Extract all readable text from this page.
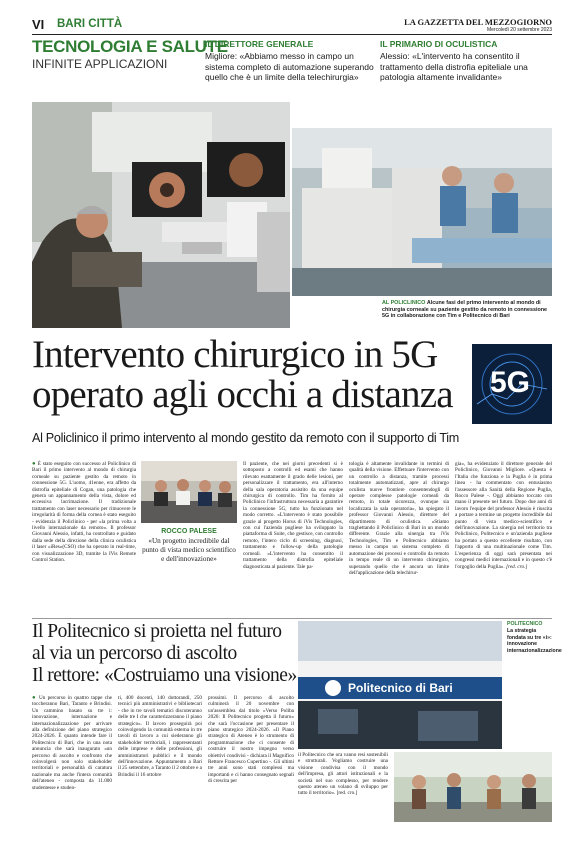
VI BARI CITTÀ	LA GAZZETTA DEL MEZZOGIORNO
Mercoledì 20 settembre 2023
TECNOLOGIA E SALUTE
INFINITE APPLICAZIONI
IL DIRETTORE GENERALE
Migliore: «Abbiamo messo in campo un sistema completo di automazione superando quello che è un limite della telechirurgia»
IL PRIMARIO DI OCULISTICA
Alessio: «L'intervento ha consentito il trattamento della distrofia epiteliale una patologia altamente invalidante»
AL POLICLINICO Alcune fasi del primo intervento al mondo di chirurgia corneale su paziente gestito da remoto in connessione 5G in collaborazione con Tim e Politecnico di Bari
Intervento chirurgico in 5G
operato agli occhi a distanza	5G
Al Policlinico il primo intervento al mondo gestito da remoto con il supporto di Tim

● È stato eseguito con successo al Policlinico di Bari il primo intervento al mondo di chirurgia corneale su paziente gestito da remoto in connessione 5G. L'uomo, 41enne, era affetto da distrofia epiteliale di Cogan, una patologia che genera un appannamento della vista, dolore ed eccessiva lacrimazione. Il tradizionale trattamento con laser necessario per rimuovere le irregolarità di forma della cornea è stato eseguito - evidenzia il Policlinico - per «la prima volta a livello internazionale da remoto». Il professor Giovanni Alessio, infatti, ha controllato e guidato dalla sede della direzione della clinica oculistica il laser «iRes»(CSO) che ha operato in real-time, con visualizzazione 3D, tramite la IVis Remote Control Station.

ROCCO PALESE
«Un progetto incredibile dal punto di vista medico scientifico e dell'innovazione»
Il paziente, che nei giorni precedenti si è sottoposto a controlli ed esami che hanno rilevato esattamente il grado delle lesioni, per personalizzare il trattamento, era all'interno della sala operatoria assistito da una equipe chirurgica di controllo. Tim ha fornito al Policlinico l'infrastruttura necessaria a garantire la connessione 5G, tutto ha funzionato nel modo corretto. «L'intervento è stato possibile grazie al progetto Horus di iVis Technologies, con cui l'azienda pugliese ha sviluppato la piattaforma di Suite, che gestisce, con controllo remoto, l'intero ciclo di screening, diagnosi, trattamento e follow-up della patologie corneali. «L'intervento ha consentito il trattamento della distrofia epiteliale diagnosticata al paziente. Tale pa-
tologia è altamente invalidante in termini di qualità della visione. Effettuare l'intervento con un controllo a distanza, tramite processi totalmente automatizzati, apre al chirurgo oculista nuove frontiere consentendogli di operare complesse patologie corneali da remoto, in totale sicurezza, ovunque sia localizzata la sala operatoria», ha spiegato il professor Giovanni Alessio, direttore del dipartimento di oculistica. «Stiamo traghettando il Policlinico di Bari in un mondo differente. Grazie alla sinergia tra iVis Technologies, Tim e Politecnico abbiamo messo in campo un sistema completo di automazione dei processi e controllo da remoto in tempo reale di un intervento chirurgico, superando quello che è ancora un limite dell'applicazione della telechirur-
gia», ha evidenziato il direttore generale del Policlinico, Giovanni Migliore. «Questa è l'Italia che funziona e la Puglia è in prima linea - ha commentato con entusiasmo l'assessore alla Sanità della Regione Puglia, Rocco Palese -. Oggi abbiamo toccato con mano il presente nel futuro. Dopo due anni di lavoro l'equipe del professor Alessio è riuscita a portare a termine un progetto incredibile dal punto di vista medico-scientifico e dell'innovazione. La sinergia nel territorio tra Policlinico, Politecnico e un'azienda pugliese ha portato a questo eccellente risultato, con l'apporto di una multinazionale come Tim. L'esperienza di oggi sarà presentata nei congressi medici internazionali e in questo c'è l'orgoglio della Puglia». [red. cro.]
Il Politecnico si proietta nel futuro
al via un percorso di ascolto
Il rettore: «Costruiamo una visione»
Politecnico di Bari
POLITECNICO
La strategia fondata su tre «i»: innovazione internazionalizzazione
● Un percorso in quattro tappe che toccheranno Bari, Taranto e Brindisi. Un cammino basato su tre i: innovazione, internazione e internazionalizzazione per arrivare alla definizione del piano strategico 2024-2026. È quanto intende fare il Politecnico di Bari, che in una nota annuncia che sarà inaugurato «un percorso di ascolto e confronto che coinvolgerà non solo stakeholder territoriali e personalità di caratura nazionale ma anche l'intera comunità dell'ateneo - composta da 11.000 studentesse e studen-
ti, 400 docenti, 140 dottorandi, 250 tecnici più amministrativi e bibliotecari - che in tre tavoli tematici discuteranno delle tre I che caratterizzeranno il piano strategico». Il lavoro proseguirà poi coinvolgendo la comunità esterna in tre tavoli di lavoro a cui siederanno gli stakeholder territoriali, i rappresentanti delle imprese e delle professioni, gli amministratori pubblici e il mondo dell'innovazione. Appuntamento a Bari il 25 settembre, a Taranto il 2 ottobre e a Brindisi il 16 ottobre
prossimi. Il percorso di ascolto culminerà il 20 novembre con un'assemblea dal titolo «Verso Poliba 2026: Il Politecnico progetta il futuro» che sarà l'occasione per presentare il piano strategico 2024-2026. «Il Piano strategico di Ateneo è lo strumento di programmazione che ci consente di costruire il nostro impegno verso obiettivi condivisi - dichiara il Magnifico Rettore Francesco Cupertino -. Gli ultimi tre anni sono stati complessi ma importanti e ci hanno consegnato segnali di crescita per
il Politecnico che ora vanno resi sostenibili e strutturali. Vogliamo costruire una visione condivisa con il mondo dell'impresa, gli attori istituzionali e la società nel suo complesso, per rendere questo ateneo un volano di sviluppo per tutto il territorio». [red. cro.]
